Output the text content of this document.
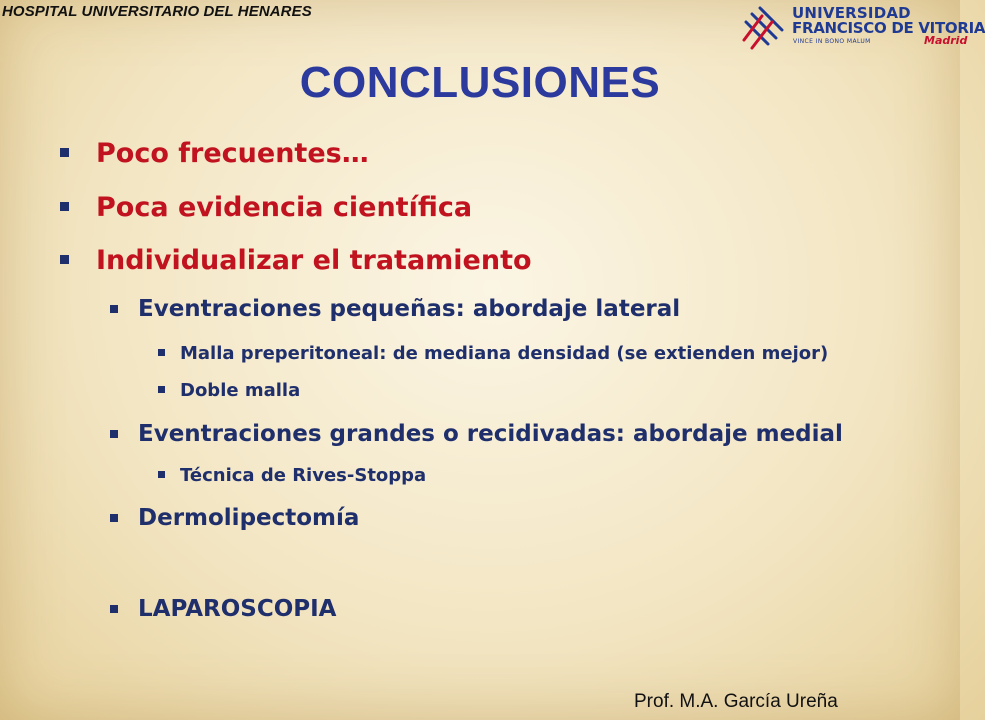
HOSPITAL UNIVERSITARIO DEL HENARES	UNIVERSIDAD
FRANCISCO DE VITORIA
VINCE IN BONO MALUM	Madrid
CONCLUSIONES
Poco frecuentes…
Poca evidencia científica
Individualizar el tratamiento
Eventraciones pequeñas: abordaje lateral
Malla preperitoneal: de mediana densidad (se extienden mejor)
Doble malla
Eventraciones grandes o recidivadas: abordaje medial
Técnica de Rives-Stoppa
Dermolipectomía
LAPAROSCOPIA
Prof. M.A. García Ureña
